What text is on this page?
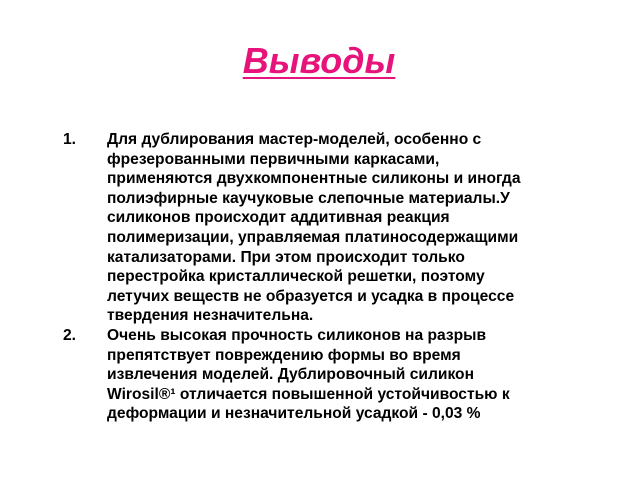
Выводы
1. Для дублирования мастер-моделей, особенно с
фрезерованными первичными каркасами,
применяются двухкомпонентные силиконы и иногда
полиэфирные каучуковые слепочные материалы.У
силиконов происходит аддитивная реакция
полимеризации, управляемая платиносодержащими
катализаторами. При этом происходит только
перестройка кристаллической решетки, поэтому
летучих веществ не образуется и усадка в процессе
твердения незначительна.
2. Очень высокая прочность силиконов на разрыв
препятствует повреждению формы во время
извлечения моделей. Дублировочный силикон
Wirosil®¹ отличается повышенной устойчивостью к
деформации и незначительной усадкой - 0,03 %
